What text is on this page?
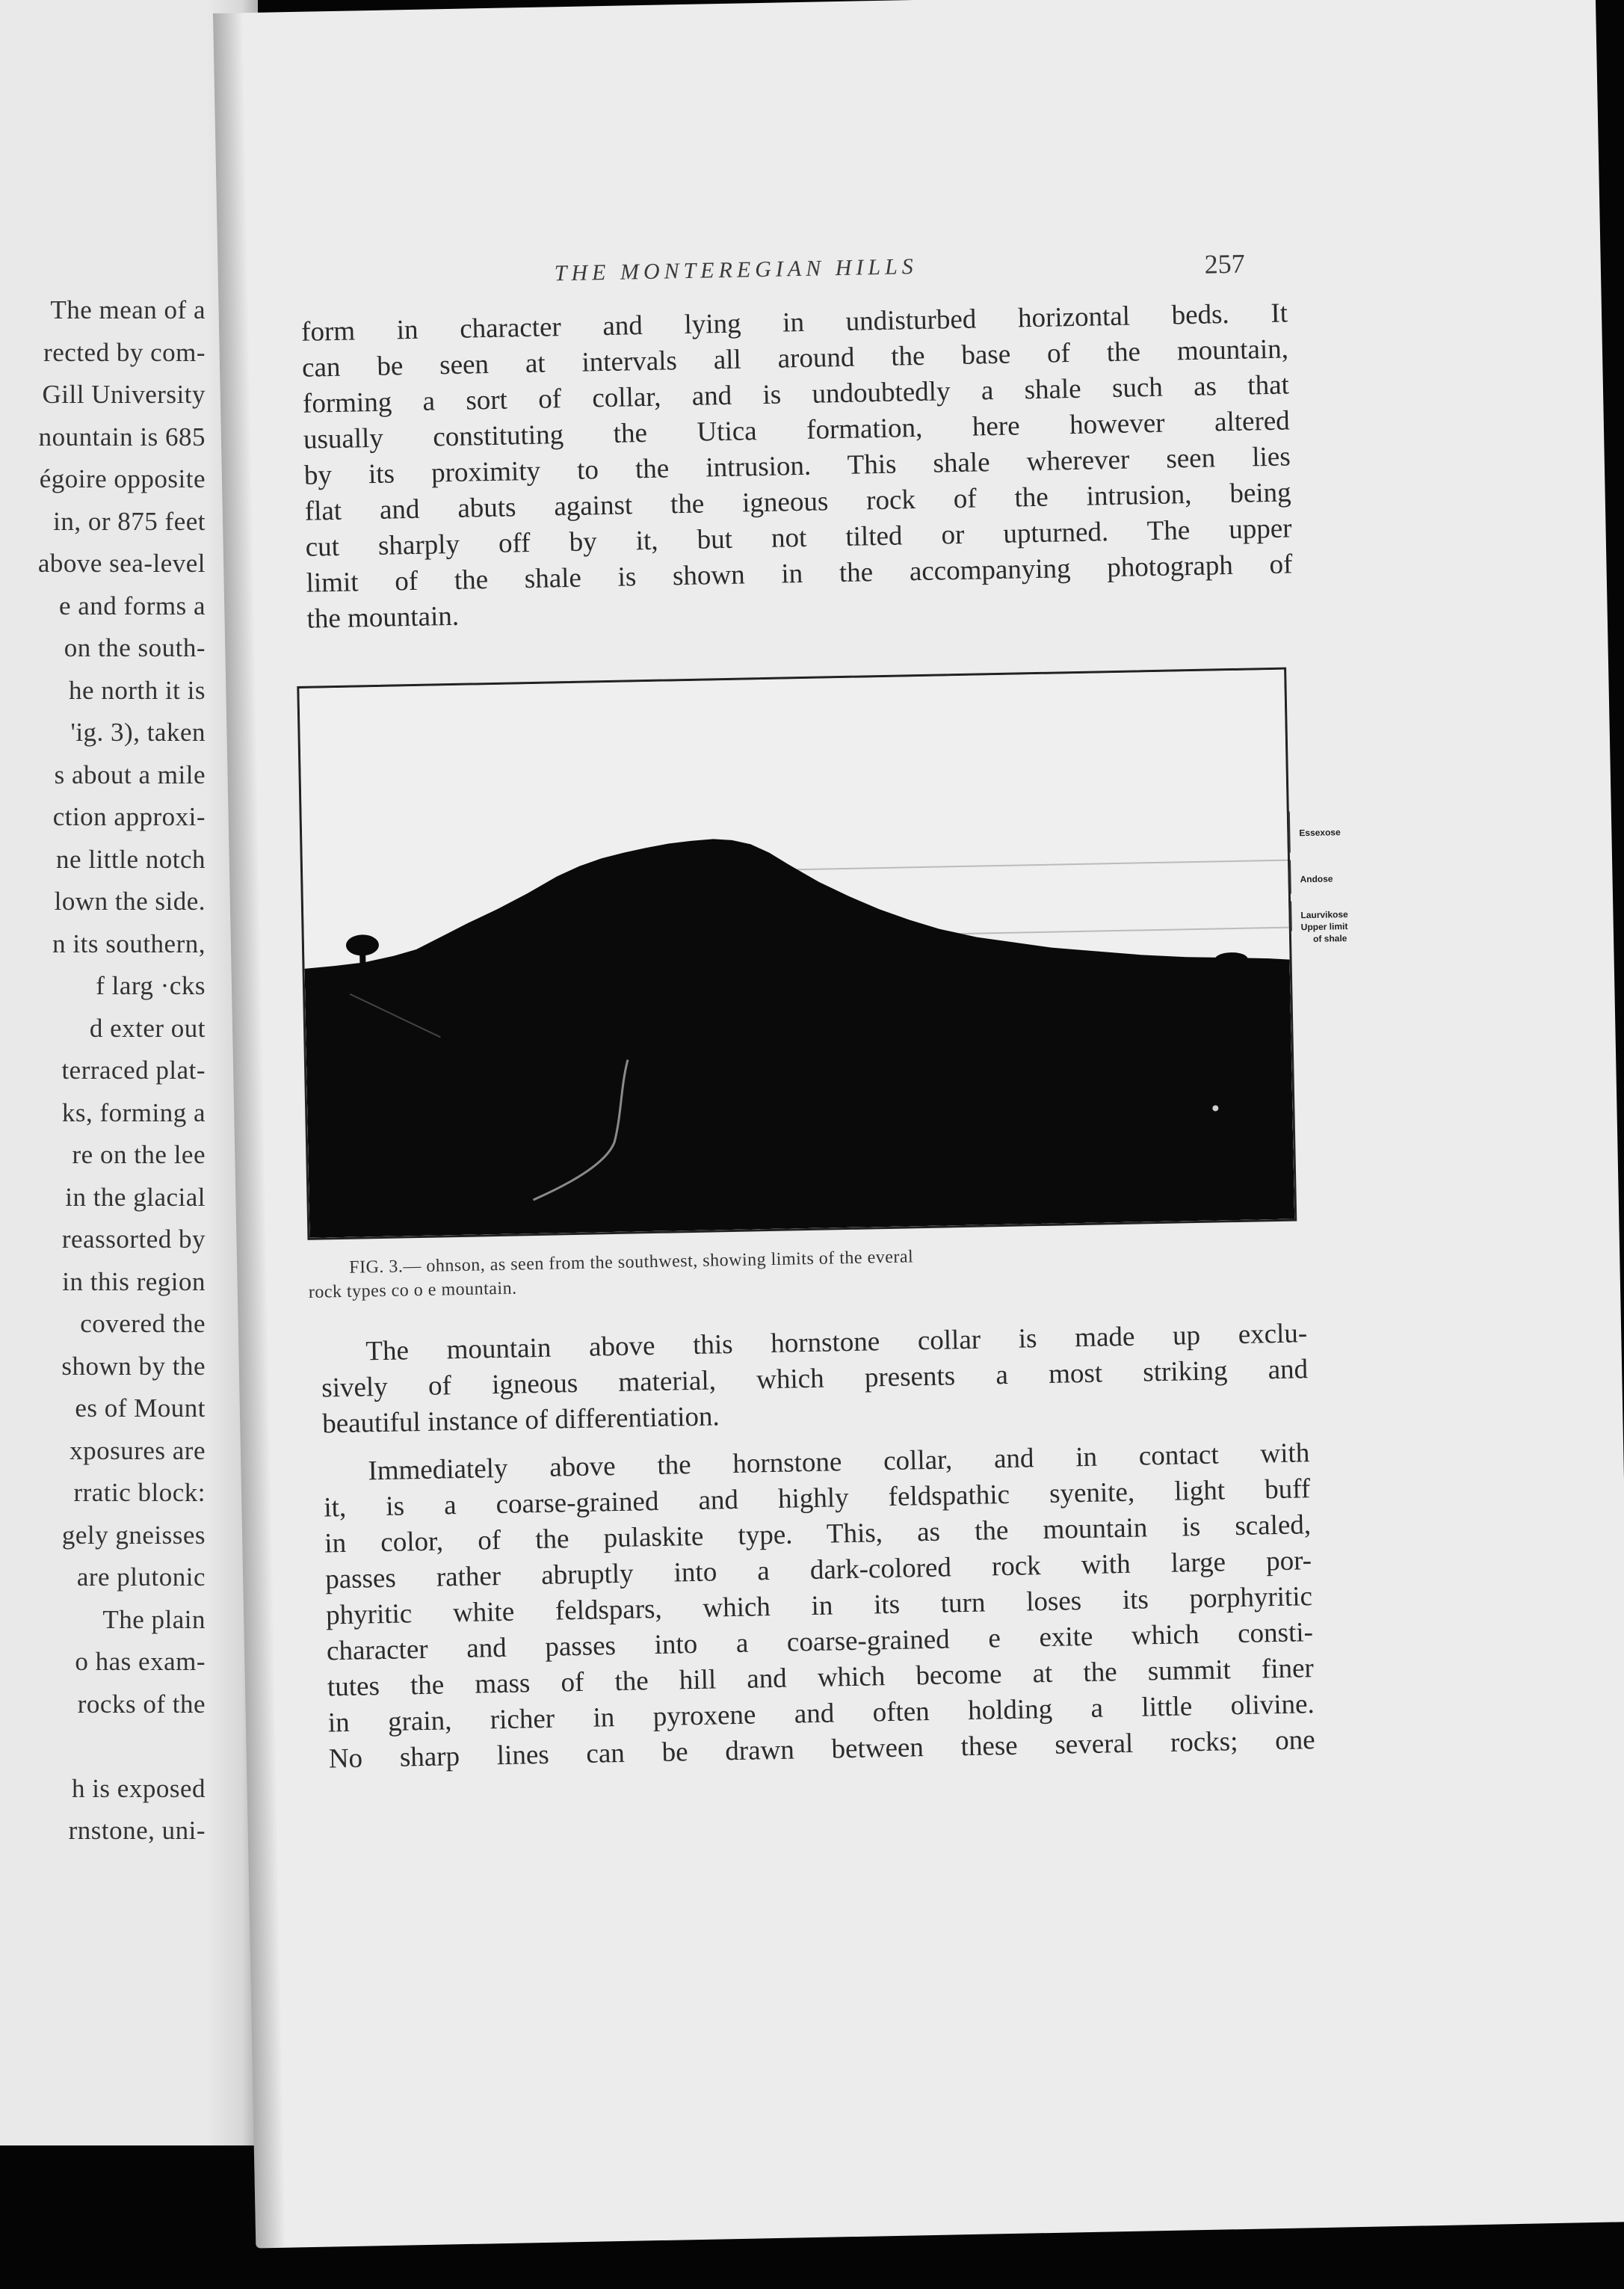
The mean of a
rected by com-
Gill University
nountain is 685
égoire opposite
in, or 875 feet
above sea-level
e and forms a
on the south-
he north it is
'ig. 3), taken
s about a mile
ction approxi-
ne little notch
lown the side.
n its southern,
f larg ·cks
d exter out
terraced plat-
ks, forming a
re on the lee
in the glacial
reassorted by
in this region
covered the
shown by the
es of Mount
xposures are
rratic block:
gely gneisses
are plutonic
The plain
o has exam-
rocks of the
h is exposed
rnstone, uni-
THE MONTEREGIAN HILLS	257
form in character and lying in undisturbed horizontal beds. It
can be seen at intervals all around the base of the mountain,
forming a sort of collar, and is undoubtedly a shale such as that
usually constituting the Utica formation, here however altered
by its proximity to the intrusion. This shale wherever seen lies
flat and abuts against the igneous rock of the intrusion, being
cut sharply off by it, but not tilted or upturned. The upper
limit of the shale is shown in the accompanying photograph of
the mountain.
Essexose
Andose
Laurvikose
Upper limit
of shale
FIG. 3.— ohnson, as seen from the southwest, showing limits of the everal
rock types co o e mountain.
The mountain above this hornstone collar is made up exclu-
sively of igneous material, which presents a most striking and
beautiful instance of differentiation.
Immediately above the hornstone collar, and in contact with
it, is a coarse-grained and highly feldspathic syenite, light buff
in color, of the pulaskite type. This, as the mountain is scaled,
passes rather abruptly into a dark-colored rock with large por-
phyritic white feldspars, which in its turn loses its porphyritic
character and passes into a coarse-grained e exite which consti-
tutes the mass of the hill and which become at the summit finer
in grain, richer in pyroxene and often holding a little olivine.
No sharp lines can be drawn between these several rocks; one
